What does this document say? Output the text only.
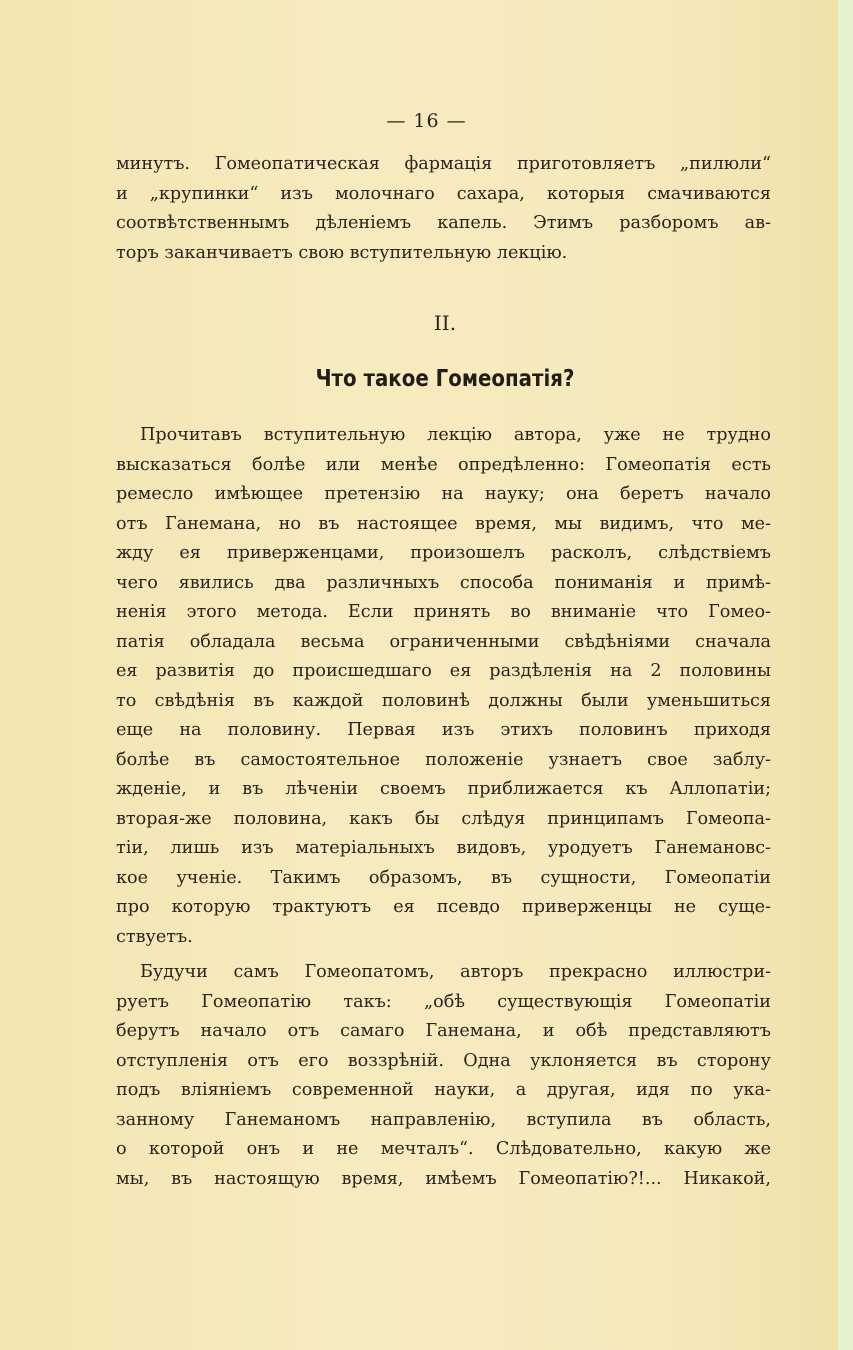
— 16 —
минутъ. Гомеопатическая фармація приготовляетъ „пилюли“
и „крупинки“ изъ молочнаго сахара, которыя смачиваются
соотвѣтственнымъ дѣленіемъ капель. Этимъ разборомъ ав-
торъ заканчиваетъ свою вступительную лекцію.
II.
Что такое Гомеопатія?
Прочитавъ вступительную лекцію автора, уже не трудно
высказаться болѣе или менѣе опредѣленно: Гомеопатія есть
ремесло имѣющее претензію на науку; она беретъ начало
отъ Ганемана, но въ настоящее время, мы видимъ, что ме-
жду ея приверженцами, произошелъ расколъ, слѣдствіемъ
чего явились два различныхъ способа пониманія и примѣ-
ненія этого метода. Если принять во вниманіе что Гомео-
патія обладала весьма ограниченными свѣдѣніями сначала
ея развитія до происшедшаго ея раздѣленія на 2 половины
то свѣдѣнія въ каждой половинѣ должны были уменьшиться
еще на половину. Первая изъ этихъ половинъ приходя
болѣе въ самостоятельное положеніе узнаетъ свое заблу-
жденіе, и въ лѣченіи своемъ приближается къ Аллопатіи;
вторая-же половина, какъ бы слѣдуя принципамъ Гомеопа-
тіи, лишь изъ матеріальныхъ видовъ, уродуетъ Ганемановс-
кое ученіе. Такимъ образомъ, въ сущности, Гомеопатіи
про которую трактуютъ ея псевдо приверженцы не суще-
ствуетъ.
Будучи самъ Гомеопатомъ, авторъ прекрасно иллюстри-
руетъ Гомеопатію такъ: „обѣ существующія Гомеопатіи
берутъ начало отъ самаго Ганемана, и обѣ представляютъ
отступленія отъ его воззрѣній. Одна уклоняется въ сторону
подъ вліяніемъ современной науки, а другая, идя по ука-
занному Ганеманомъ направленію, вступила въ область,
о которой онъ и не мечталъ“. Слѣдовательно, какую же
мы, въ настоящую время, имѣемъ Гомеопатію?!... Никакой,
